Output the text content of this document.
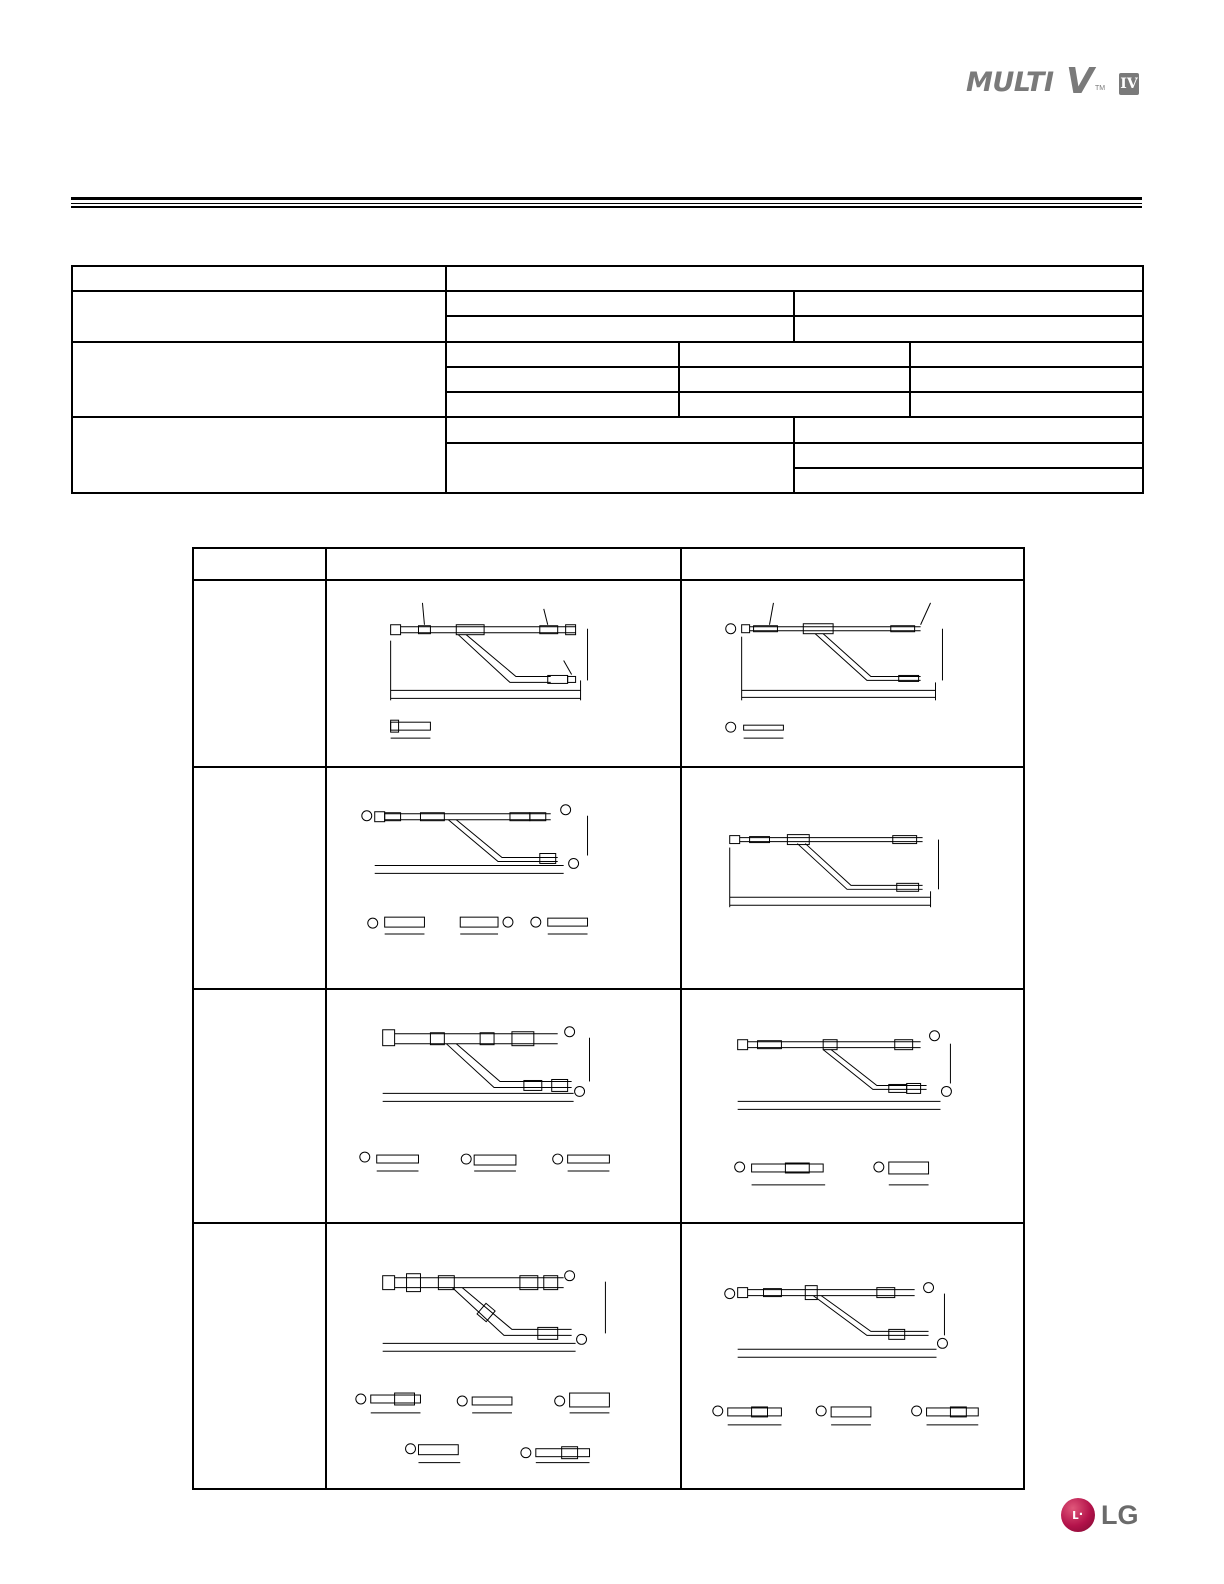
MULTI V TM IV

ʟ· LG
